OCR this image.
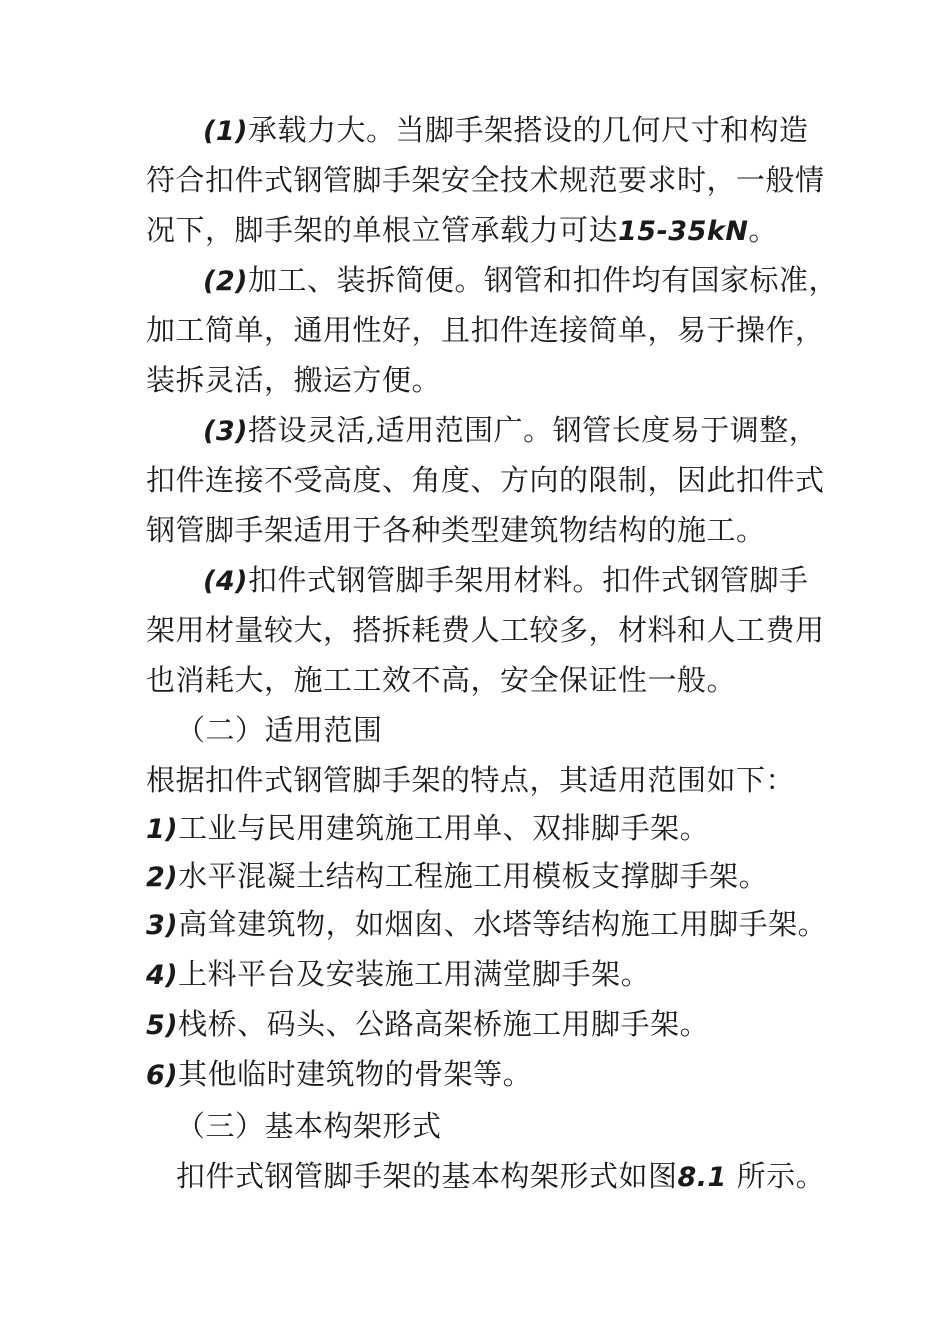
(1)承载力大。当脚手架搭设的几何尺寸和构造
符合扣件式钢管脚手架安全技术规范要求时，一般情
况下，脚手架的单根立管承载力可达15-35kN。
(2)加工、装拆简便。钢管和扣件均有国家标准，
加工简单，通用性好，且扣件连接简单，易于操作，
装拆灵活，搬运方便。
(3)搭设灵活,适用范围广。钢管长度易于调整，
扣件连接不受高度、角度、方向的限制，因此扣件式
钢管脚手架适用于各种类型建筑物结构的施工。
(4)扣件式钢管脚手架用材料。扣件式钢管脚手
架用材量较大，搭拆耗费人工较多，材料和人工费用
也消耗大，施工工效不高，安全保证性一般。
（二）适用范围
根据扣件式钢管脚手架的特点，其适用范围如下：
1)工业与民用建筑施工用单、双排脚手架。
2)水平混凝土结构工程施工用模板支撑脚手架。
3)高耸建筑物，如烟囱、水塔等结构施工用脚手架。
4)上料平台及安装施工用满堂脚手架。
5)栈桥、码头、公路高架桥施工用脚手架。
6)其他临时建筑物的骨架等。
（三）基本构架形式
扣件式钢管脚手架的基本构架形式如图8.1 所示。
